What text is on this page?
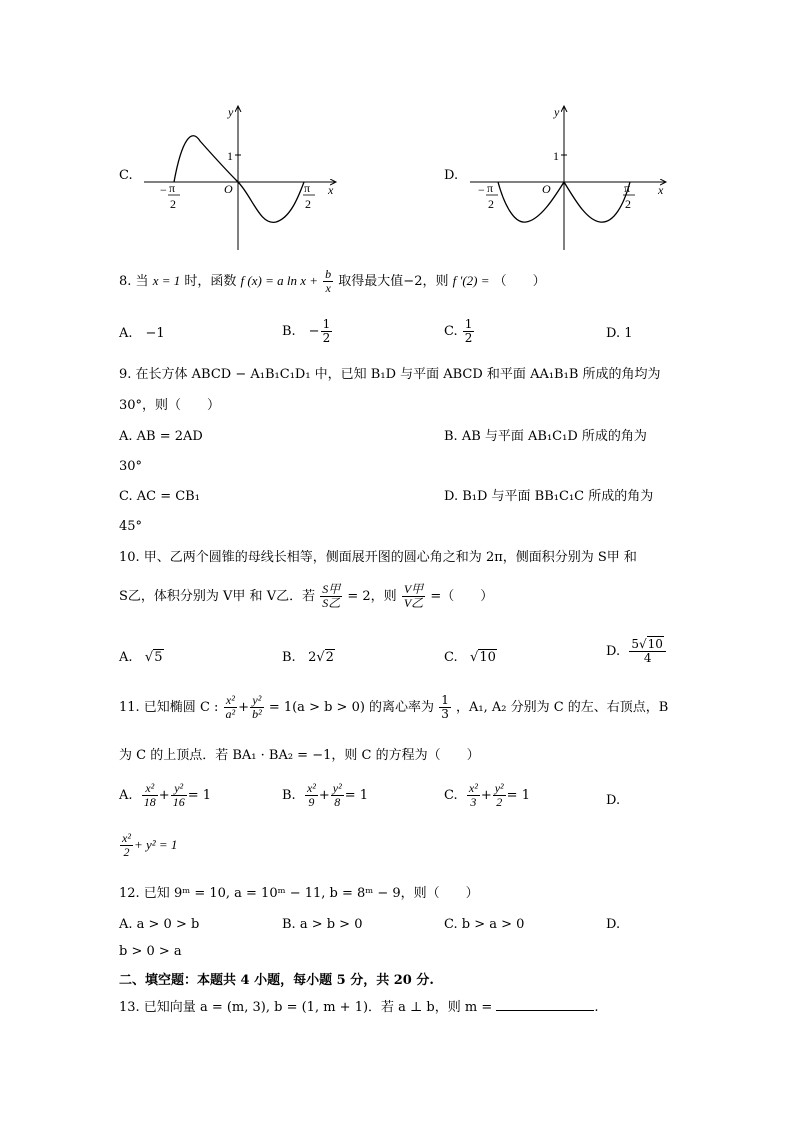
C.
y
x
1
O
− π
2
π
2
D.
y
x
1
O
− π
2
π
2
8. 当 x = 1 时，函数 f (x) = a $\ln x + \frac{b}{x}$ 取得最大值−2，则 f ′(2) = （　　）
A.　−1	B.　− $\frac{1}{2}$	C. $\frac{1}{2}$	D. 1
9. 在长方体 ABCD − A₁B₁C₁D₁ 中，已知 B₁D 与平面 ABCD 和平面 AA₁B₁B 所成的角均为
30°，则（　　）
A. AB = 2AD	B. AB 与平面 AB₁C₁D 所成的角为
30°
C. AC = CB₁	D. B₁D 与平面 BB₁C₁C 所成的角为
45°
10. 甲、乙两个圆锥的母线长相等，侧面展开图的圆心角之和为 2π，侧面积分别为 S甲 和
S乙，体积分别为 V甲 和 V乙．若 $\frac{\text{S甲}}{\text{S乙}} = 2$，则 $\frac{\text{V甲}}{\text{V乙}}$ =（　　）
A.   √5	B. 2√2	C.   √10	D. $\frac{5√10}{4}$
11. 已知椭圆 C : $\frac{\text{x²}}{\text{a²}} + \frac{\text{y²}}{\text{b²}} = 1(a > b > 0)$ 的离心率为 $\frac{1}{3}$ ，A₁, A₂ 分别为 C 的左、右顶点，B
为 C 的上顶点．若 BA₁ · BA₂ = −1，则 C 的方程为（　　）
A. $\frac{\text{x²}}{18} + \frac{\text{y²}}{16} = 1$	B. $\frac{\text{x²}}{9} + \frac{\text{y²}}{8} = 1$	C. $\frac{\text{x²}}{3} + \frac{\text{y²}}{2} = 1$	D.
$\frac{\text{x²}}{2} + y^2 = 1$
12. 已知 9ᵐ = 10, a = 10ᵐ − 11, b = 8ᵐ − 9，则（　　）
A. a > 0 > b	B. a > b > 0	C. b > a > 0	D.
b > 0 > a
二、填空题：本题共 4 小题，每小题 5 分，共 20 分.
13. 已知向量 a = (m, 3), b = (1, m + 1)．若 a ⊥ b，则 m =	.
